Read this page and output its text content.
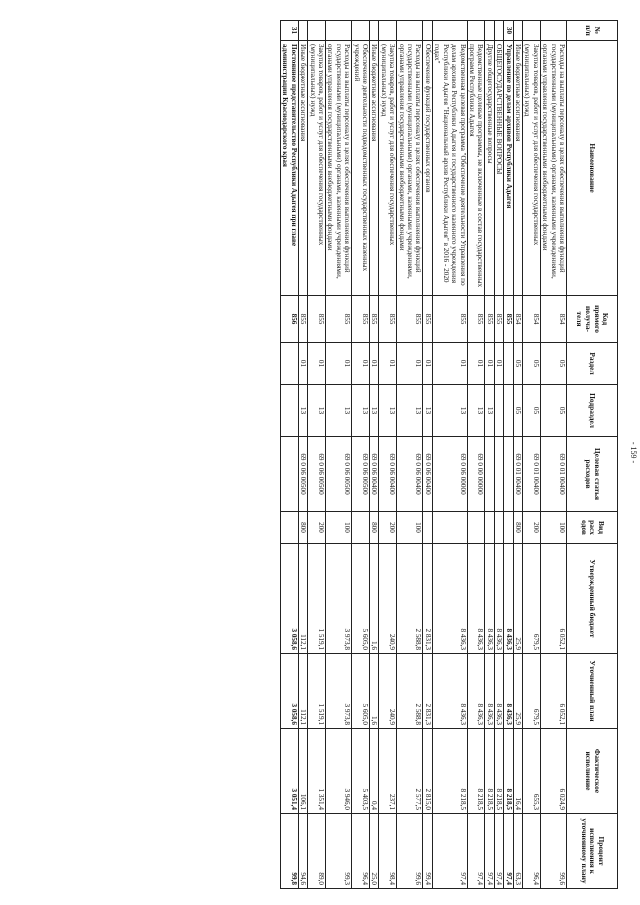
- 159 -
№ п/п	Наименование	Код прямого получа-теля	Раздел	Подраздел	Целевая статья расходов	Вид расх одов	Утвержденный бюджет	Уточненный план	Фактическое исполнение	Процент исполнения к уточненному плану
	Расходы на выплаты персоналу в целях обеспечения выполнения функций государственными (муниципальными) органами, казенными учреждениями, органами управления государственными внебюджетными фондами	854	05	05	69 0 01 00400	100	6 052,1	6 052,1	6 024,9	99,6
	Закупка товаров, работ и услуг для обеспечения государственных (муниципальных) нужд	854	05	05	69 0 01 00400	200	679,5	679,5	655,3	96,4
	Иные бюджетные ассигнования	854	05	05	69 0 01 00400	800	25,9	25,9	16,4	63,3
30	Управление по делам архивов Республики Адыгея	855					8 436,3	8 436,3	8 218,5	97,4
	ОБЩЕГОСУДАРСТВЕННЫЕ ВОПРОСЫ	855	01				8 436,3	8 436,3	8 218,5	97,4
	Другие общегосударственные вопросы	855	01	13			8 436,3	8 436,3	8 218,5	97,4
	Ведомственные целевые программы, не включенные в состав государственных программ Республики Адыгея	855	01	13	69 0 00 00000		8 436,3	8 436,3	8 218,5	97,4
	Ведомственная целевая программа "Обеспечение деятельности Управления по делам архивов Республики Адыгея и государственного казенного учреждения Республики Адыгея "Национальный архив Республики Адыгея" в 2016 - 2020 годах"	855	01	13	69 0 06 00000		8 436,3	8 436,3	8 218,5	97,4
	Обеспечение функций государственных органов	855	01	13	69 0 06 00400		2 831,3	2 831,3	2 815,0	99,4
	Расходы на выплаты персоналу в целях обеспечения выполнения функций государственными (муниципальными) органами, казенными учреждениями, органами управления государственными внебюджетными фондами	855	01	13	69 0 06 00400	100	2 588,8	2 588,8	2 577,5	99,6
	Закупка товаров, работ и услуг для обеспечения государственных (муниципальных) нужд	855	01	13	69 0 06 00400	200	240,9	240,9	237,1	98,4
	Иные бюджетные ассигнования	855	01	13	69 0 06 00400	800	1,6	1,6	0,4	25,0
	Обеспечение деятельности подведомственных государственных казенных учреждений	855	01	13	69 0 06 00500		5 605,0	5 605,0	5 403,5	96,4
	Расходы на выплаты персоналу в целях обеспечения выполнения функций государственными (муниципальными) органами, казенными учреждениями, органами управления государственными внебюджетными фондами	855	01	13	69 0 06 00500	100	3 973,8	3 973,8	3 946,0	99,3
	Закупка товаров, работ и услуг для обеспечения государственных (муниципальных) нужд	855	01	13	69 0 06 00500	200	1 519,1	1 519,1	1 351,4	89,0
	Иные бюджетные ассигнования	855	01	13	69 0 06 00500	800	112,1	112,1	106,1	94,6
31	Постоянное представительство Республики Адыгея при главе администрации Краснодарского края	856					3 058,6	3 058,6	3 051,4	99,8
